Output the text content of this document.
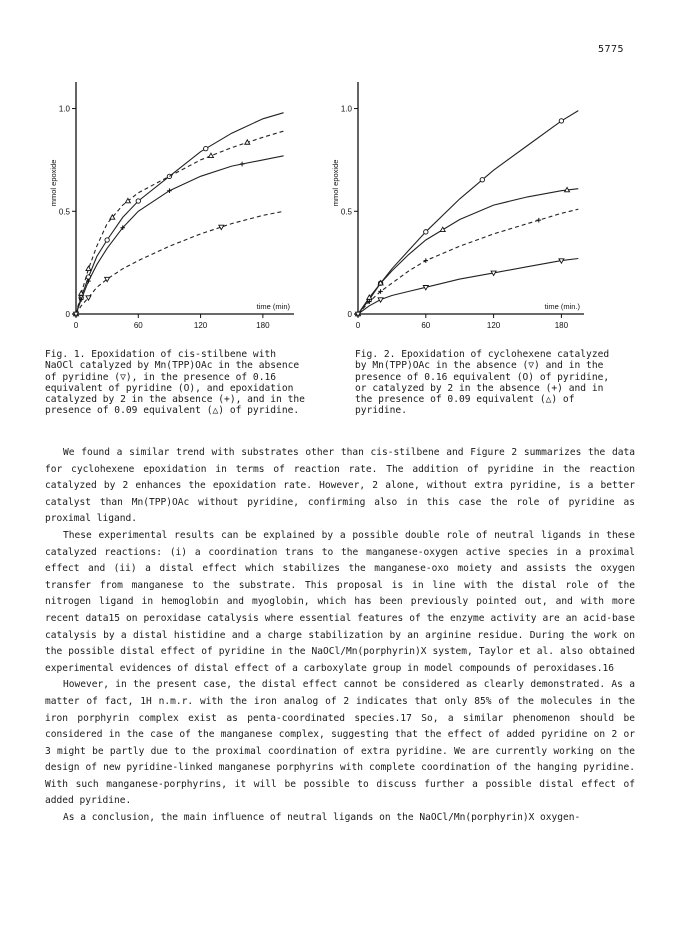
5775
0	60	120	180
0
0.5
1.0
mmol epoxide
time (min)
0	60	120	180
0
0.5
1.0
mmol epoxide
time (min.)
Fig. 1. Epoxidation of cis-stilbene with NaOCl catalyzed by Mn(TPP)OAc in the absence of pyridine (▽), in the presence of 0.16 equivalent of pyridine (O), and epoxidation catalyzed by 2 in the absence (+), and in the presence of 0.09 equivalent (△) of pyridine.
Fig. 2. Epoxidation of cyclohexene catalyzed by Mn(TPP)OAc in the absence (▽) and in the presence of 0.16 equivalent (O) of pyridine, or catalyzed by 2 in the absence (+) and in the presence of 0.09 equivalent (△) of pyridine.

We found a similar trend with substrates other than cis-stilbene and Figure 2 summarizes the data for cyclohexene epoxidation in terms of reaction rate. The addition of pyridine in the reaction catalyzed by 2 enhances the epoxidation rate. However, 2 alone, without extra pyridine, is a better catalyst than Mn(TPP)OAc without pyridine, confirming also in this case the role of pyridine as proximal ligand.

These experimental results can be explained by a possible double role of neutral ligands in these catalyzed reactions: (i) a coordination trans to the manganese-oxygen active species in a proximal effect and (ii) a distal effect which stabilizes the manganese-oxo moiety and assists the oxygen transfer from manganese to the substrate. This proposal is in line with the distal role of the nitrogen ligand in hemoglobin and myoglobin, which has been previously pointed out, and with more recent data15 on peroxidase catalysis where essential features of the enzyme activity are an acid-base catalysis by a distal histidine and a charge stabilization by an arginine residue. During the work on the possible distal effect of pyridine in the NaOCl/Mn(porphyrin)X system, Taylor et al. also obtained experimental evidences of distal effect of a carboxylate group in model compounds of peroxidases.16

However, in the present case, the distal effect cannot be considered as clearly demonstrated. As a matter of fact, 1H n.m.r. with the iron analog of 2 indicates that only 85% of the molecules in the iron porphyrin complex exist as penta-coordinated species.17 So, a similar phenomenon should be considered in the case of the manganese complex, suggesting that the effect of added pyridine on 2 or 3 might be partly due to the proximal coordination of extra pyridine. We are currently working on the design of new pyridine-linked manganese porphyrins with complete coordination of the hanging pyridine. With such manganese-porphyrins, it will be possible to discuss further a possible distal effect of added pyridine.

As a conclusion, the main influence of neutral ligands on the NaOCl/Mn(porphyrin)X oxygen-
